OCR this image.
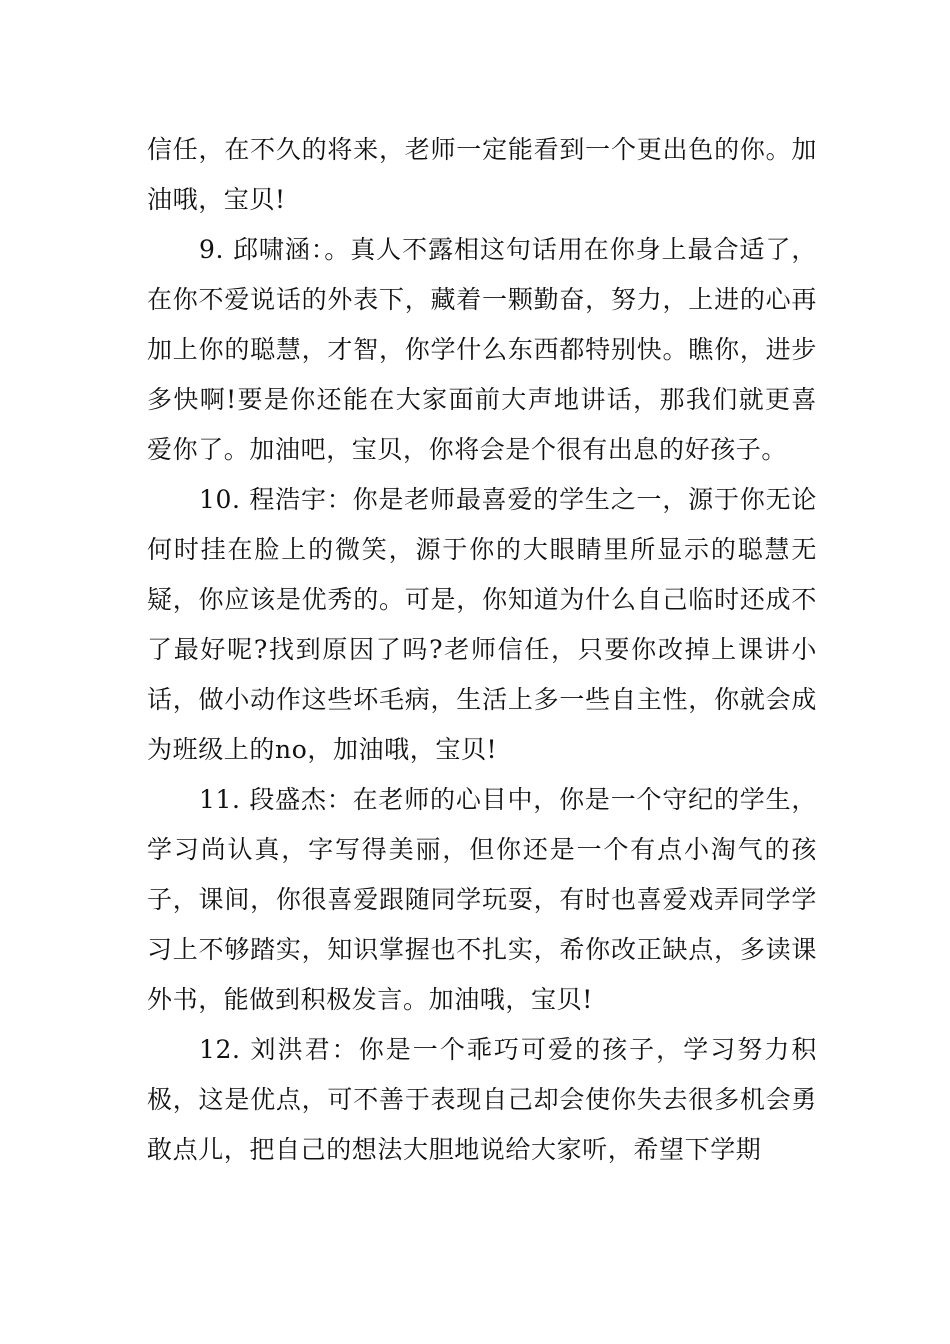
信任，在不久的将来，老师一定能看到一个更出色的你。加油哦，宝贝!

9. 邱啸涵：。真人不露相这句话用在你身上最合适了，在你不爱说话的外表下，藏着一颗勤奋，努力，上进的心再加上你的聪慧，才智，你学什么东西都特别快。瞧你，进步多快啊!要是你还能在大家面前大声地讲话，那我们就更喜爱你了。加油吧，宝贝，你将会是个很有出息的好孩子。

10. 程浩宇：你是老师最喜爱的学生之一，源于你无论何时挂在脸上的微笑，源于你的大眼睛里所显示的聪慧无疑，你应该是优秀的。可是，你知道为什么自己临时还成不了最好呢?找到原因了吗?老师信任，只要你改掉上课讲小话，做小动作这些坏毛病，生活上多一些自主性，你就会成为班级上的no，加油哦，宝贝!

11. 段盛杰：在老师的心目中，你是一个守纪的学生，学习尚认真，字写得美丽，但你还是一个有点小淘气的孩子，课间，你很喜爱跟随同学玩耍，有时也喜爱戏弄同学学习上不够踏实，知识掌握也不扎实，希你改正缺点，多读课外书，能做到积极发言。加油哦，宝贝!

12. 刘洪君：你是一个乖巧可爱的孩子，学习努力积极，这是优点，可不善于表现自己却会使你失去很多机会勇敢点儿，把自己的想法大胆地说给大家听，希望下学期
